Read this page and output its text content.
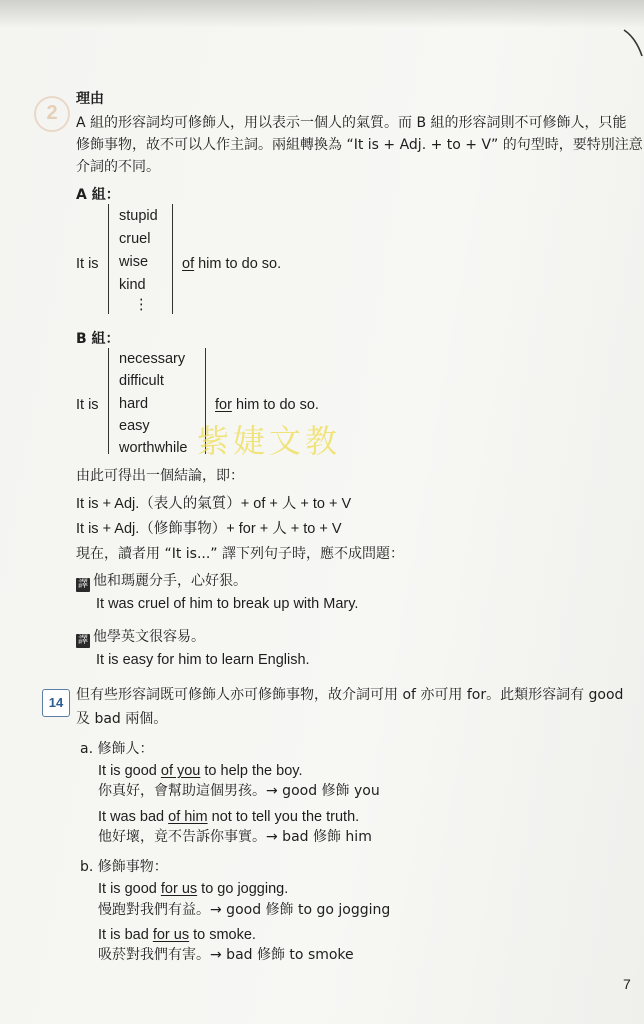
2
理由
A 組的形容詞均可修飾人，用以表示一個人的氣質。而 B 組的形容詞則不可修飾人，只能
修飾事物，故不可以人作主詞。兩組轉換為 “It is + Adj. + to + V” 的句型時，要特別注意
介詞的不同。
A 組：
It is
stupid
cruel
wise
kind
⋮
of him to do so.
B 組：
It is
necessary
difficult
hard
easy
worthwhile
for him to do so.
紫婕文教
由此可得出一個結論，即：
It is + Adj.（表人的氣質）+ of + 人 + to + V
It is + Adj.（修飾事物）+ for + 人 + to + V
現在，讀者用 “It is...” 譯下列句子時，應不成問題：
譯 他和瑪麗分手，心好狠。
It was cruel of him to break up with Mary.
譯 他學英文很容易。
It is easy for him to learn English.
14 但有些形容詞既可修飾人亦可修飾事物，故介詞可用 of 亦可用 for。此類形容詞有 good
及 bad 兩個。
a. 修飾人：
It is good of you to help the boy.
你真好，會幫助這個男孩。→ good 修飾 you
It was bad of him not to tell you the truth.
他好壞，竟不告訴你事實。→ bad 修飾 him
b. 修飾事物：
It is good for us to go jogging.
慢跑對我們有益。→ good 修飾 to go jogging
It is bad for us to smoke.
吸菸對我們有害。→ bad 修飾 to smoke
7
